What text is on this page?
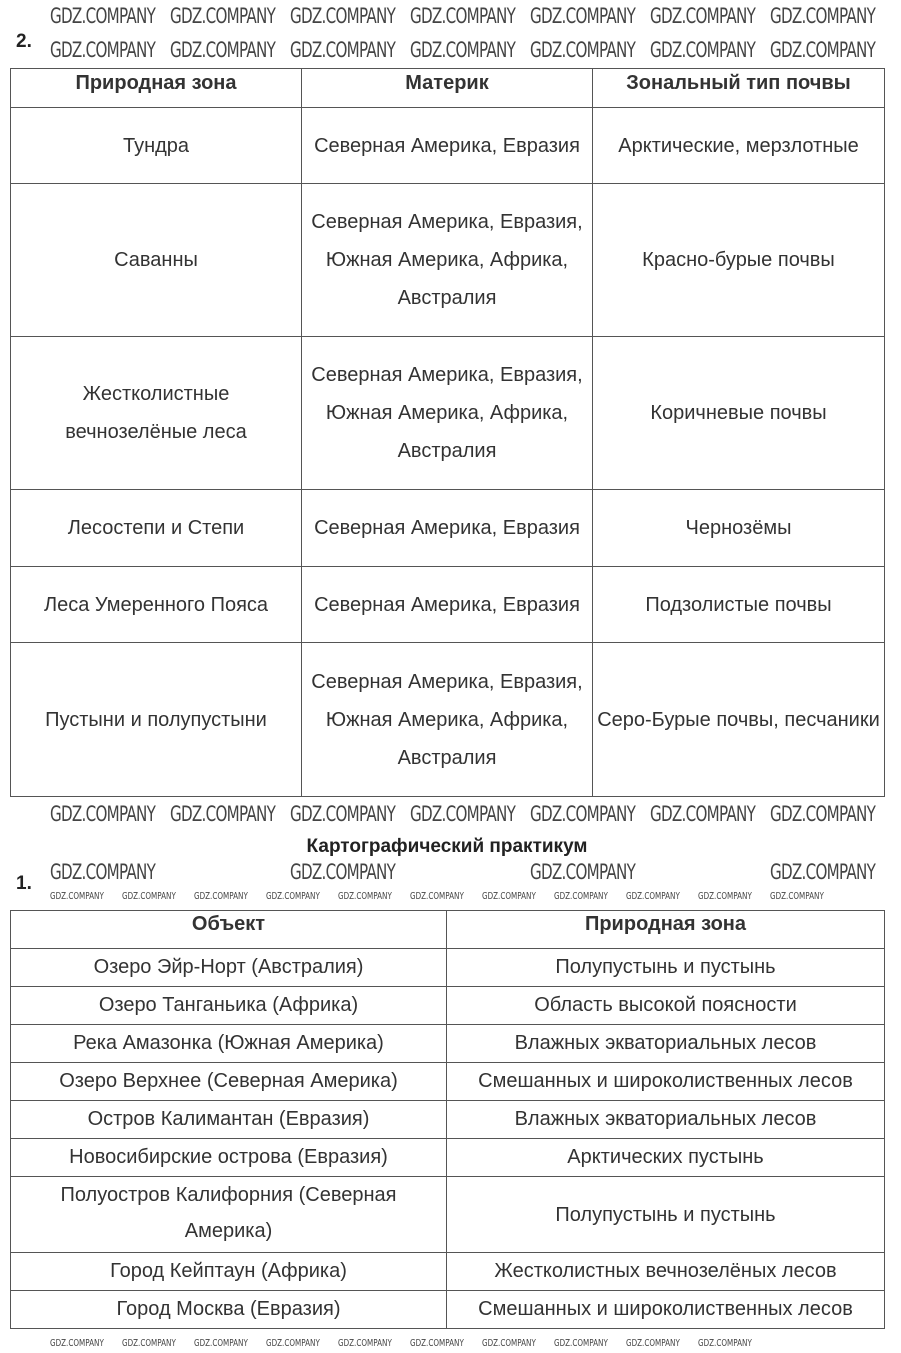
2.
Природная зона	Материк	Зональный тип почвы
Тундра	Северная Америка, Евразия	Арктические, мерзлотные
Саванны	Северная Америка, Евразия, Южная Америка, Африка, Австралия	Красно-бурые почвы
Жестколистные вечнозелёные леса	Северная Америка, Евразия, Южная Америка, Африка, Австралия	Коричневые почвы
Лесостепи и Степи	Северная Америка, Евразия	Чернозёмы
Леса Умеренного Пояса	Северная Америка, Евразия	Подзолистые почвы
Пустыни и полупустыни	Северная Америка, Евразия, Южная Америка, Африка, Австралия	Серо-Бурые почвы, песчаники
Картографический практикум
1.
Объект	Природная зона
Озеро Эйр-Норт (Австралия)	Полупустынь и пустынь
Озеро Танганьика (Африка)	Область высокой поясности
Река Амазонка (Южная Америка)	Влажных экваториальных лесов
Озеро Верхнее (Северная Америка)	Смешанных и широколиственных лесов
Остров Калимантан (Евразия)	Влажных экваториальных лесов
Новосибирские острова (Евразия)	Арктических пустынь
Полуостров Калифорния (Северная Америка)	Полупустынь и пустынь
Город Кейптаун (Африка)	Жестколистных вечнозелёных лесов
Город Москва (Евразия)	Смешанных и широколиственных лесов
GDZ.COMPANY GDZ.COMPANY GDZ.COMPANY GDZ.COMPANY GDZ.COMPANY GDZ.COMPANY GDZ.COMPANY
GDZ.COMPANY GDZ.COMPANY GDZ.COMPANY GDZ.COMPANY GDZ.COMPANY GDZ.COMPANY GDZ.COMPANY
GDZ.COMPANY GDZ.COMPANY GDZ.COMPANY GDZ.COMPANY GDZ.COMPANY GDZ.COMPANY GDZ.COMPANY
GDZ.COMPANY	GDZ.COMPANY	GDZ.COMPANY	GDZ.COMPANY
GDZ.COMPANY GDZ.COMPANY GDZ.COMPANY GDZ.COMPANY GDZ.COMPANY GDZ.COMPANY GDZ.COMPANY GDZ.COMPANY GDZ.COMPANY GDZ.COMPANY GDZ.COMPANY
GDZ.COMPANY GDZ.COMPANY GDZ.COMPANY GDZ.COMPANY GDZ.COMPANY GDZ.COMPANY GDZ.COMPANY GDZ.COMPANY GDZ.COMPANY GDZ.COMPANY
